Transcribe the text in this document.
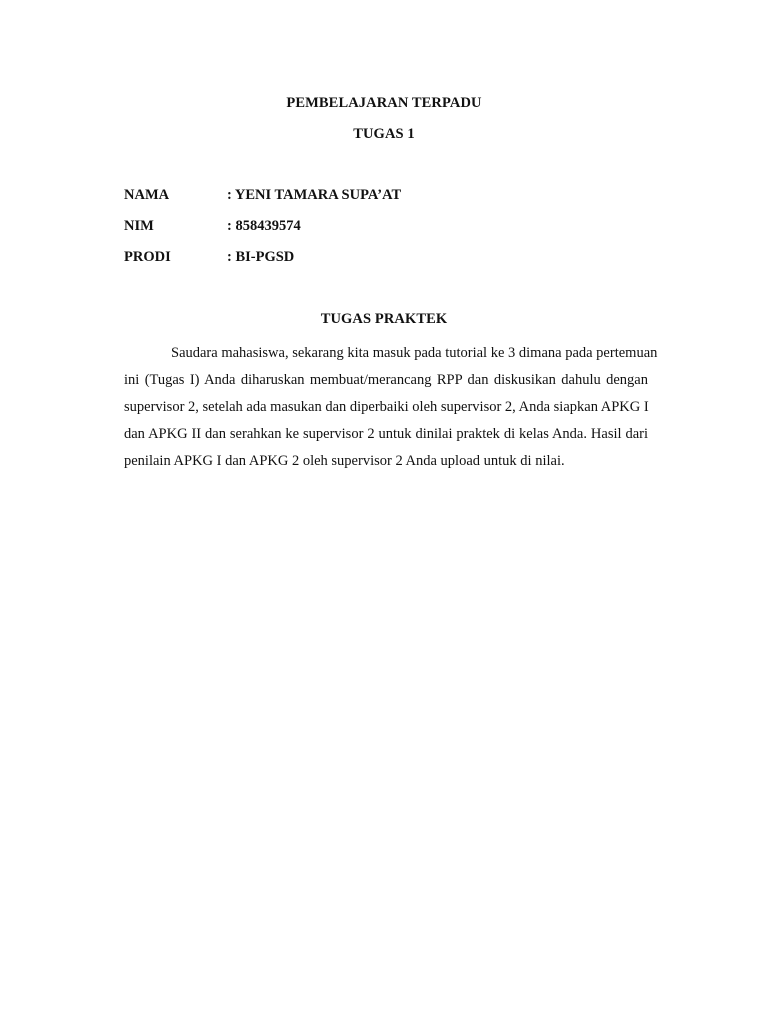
PEMBELAJARAN TERPADU
TUGAS 1
NAMA	: YENI TAMARA SUPA’AT
NIM	: 858439574
PRODI	: BI-PGSD
TUGAS PRAKTEK
Saudara mahasiswa, sekarang kita masuk pada tutorial ke 3 dimana pada pertemuan
ini (Tugas I) Anda diharuskan membuat/merancang RPP dan diskusikan dahulu dengan
supervisor 2, setelah ada masukan dan diperbaiki oleh supervisor 2, Anda siapkan APKG I
dan APKG II dan serahkan ke supervisor 2 untuk dinilai praktek di kelas Anda. Hasil dari
penilain APKG I dan APKG 2 oleh supervisor 2 Anda upload untuk di nilai.
